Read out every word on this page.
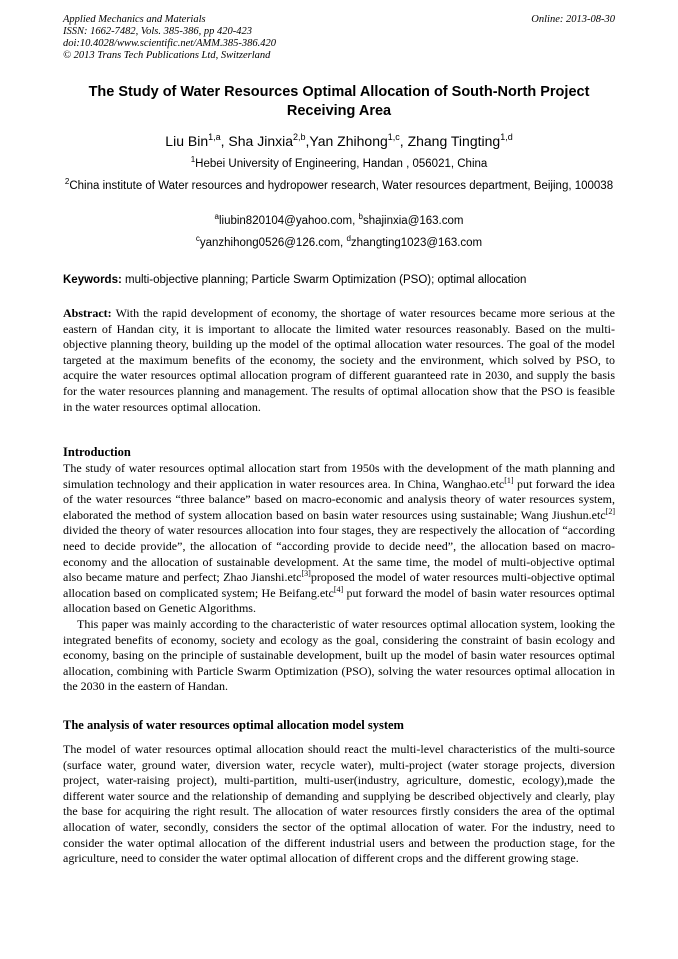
Applied Mechanics and Materials
ISSN: 1662-7482, Vols. 385-386, pp 420-423
doi:10.4028/www.scientific.net/AMM.385-386.420
© 2013 Trans Tech Publications Ltd, Switzerland
Online: 2013-08-30
The Study of Water Resources Optimal Allocation of South-North Project Receiving Area
Liu Bin$^{1,a}$, Sha Jinxia$^{2,b}$,Yan Zhihong$^{1,c}$, Zhang Tingting$^{1,d}$
$^1$Hebei University of Engineering, Handan , 056021, China
$^2$China institute of Water resources and hydropower research, Water resources department, Beijing, 100038
$^a$liubin820104@yahoo.com, $^b$shajinxia@163.com
$^c$yanzhihong0526@126.com, $^d$zhangting1023@163.com
Keywords: multi-objective planning; Particle Swarm Optimization (PSO); optimal allocation

Abstract: With the rapid development of economy, the shortage of water resources became more serious at the eastern of Handan city, it is important to allocate the limited water resources reasonably. Based on the multi-objective planning theory, building up the model of the optimal allocation water resources. The goal of the model targeted at the maximum benefits of the economy, the society and the environment, which solved by PSO, to acquire the water resources optimal allocation program of different guaranteed rate in 2030, and supply the basis for the water resources planning and management. The results of optimal allocation show that the PSO is feasible in the water resources optimal allocation.

Introduction

The study of water resources optimal allocation start from 1950s with the development of the math planning and simulation technology and their application in water resources area. In China, Wanghao.etc[1] put forward the idea of the water resources “three balance” based on macro-economic and analysis theory of water resources system, elaborated the method of system allocation based on basin water resources using sustainable; Wang Jiushun.etc[2] divided the theory of water resources allocation into four stages, they are respectively the allocation of “according need to decide provide”, the allocation of “according provide to decide need”, the allocation based on macro-economy and the allocation of sustainable development. At the same time, the model of multi-objective optimal also became mature and perfect; Zhao Jianshi.etc[3]proposed the model of water resources multi-objective optimal allocation based on complicated system; He Beifang.etc[4] put forward the model of basin water resources optimal allocation based on Genetic Algorithms.

This paper was mainly according to the characteristic of water resources optimal allocation system, looking the integrated benefits of economy, society and ecology as the goal, considering the constraint of basin ecology and economy, basing on the principle of sustainable development, built up the model of basin water resources optimal allocation, combining with Particle Swarm Optimization (PSO), solving the water resources optimal allocation in the 2030 in the eastern of Handan.

The analysis of water resources optimal allocation model system

The model of water resources optimal allocation should react the multi-level characteristics of the multi-source (surface water, ground water, diversion water, recycle water), multi-project (water storage projects, diversion project, water-raising project), multi-partition, multi-user(industry, agriculture, domestic, ecology),made the different water source and the relationship of demanding and supplying be described objectively and clearly, play the base for acquiring the right result. The allocation of water resources firstly considers the area of the optimal allocation of water, secondly, considers the sector of the optimal allocation of water. For the industry, need to consider the water optimal allocation of the different industrial users and between the production stage, for the agriculture, need to consider the water optimal allocation of different crops and the different growing stage.
